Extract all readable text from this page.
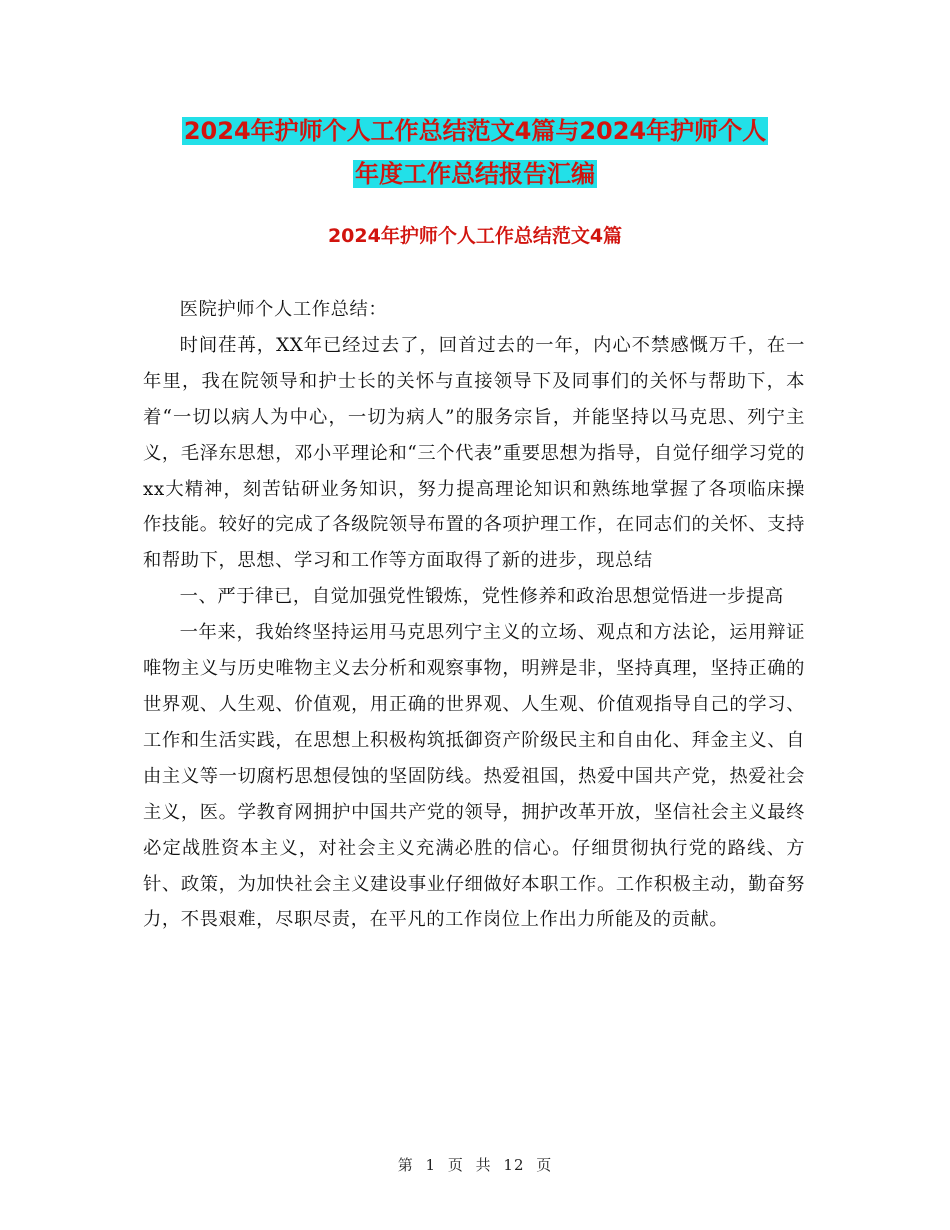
2024年护师个人工作总结范文4篇与2024年护师个人
年度工作总结报告汇编
2024年护师个人工作总结范文4篇

医院护师个人工作总结：

时间荏苒，XX年已经过去了，回首过去的一年，内心不禁感慨万千，在一年里，我在院领导和护士长的关怀与直接领导下及同事们的关怀与帮助下，本着“一切以病人为中心，一切为病人”的服务宗旨，并能坚持以马克思、列宁主义，毛泽东思想，邓小平理论和“三个代表”重要思想为指导，自觉仔细学习党的xx大精神，刻苦钻研业务知识，努力提高理论知识和熟练地掌握了各项临床操作技能。较好的完成了各级院领导布置的各项护理工作，在同志们的关怀、支持和帮助下，思想、学习和工作等方面取得了新的进步，现总结

一、严于律已，自觉加强党性锻炼，党性修养和政治思想觉悟进一步提高

一年来，我始终坚持运用马克思列宁主义的立场、观点和方法论，运用辩证唯物主义与历史唯物主义去分析和观察事物，明辨是非，坚持真理，坚持正确的世界观、人生观、价值观，用正确的世界观、人生观、价值观指导自己的学习、工作和生活实践，在思想上积极构筑抵御资产阶级民主和自由化、拜金主义、自由主义等一切腐朽思想侵蚀的坚固防线。热爱祖国，热爱中国共产党，热爱社会主义，医。学教育网拥护中国共产党的领导，拥护改革开放，坚信社会主义最终必定战胜资本主义，对社会主义充满必胜的信心。仔细贯彻执行党的路线、方针、政策，为加快社会主义建设事业仔细做好本职工作。工作积极主动，勤奋努力，不畏艰难，尽职尽责，在平凡的工作岗位上作出力所能及的贡献。

第 1 页 共 12 页
